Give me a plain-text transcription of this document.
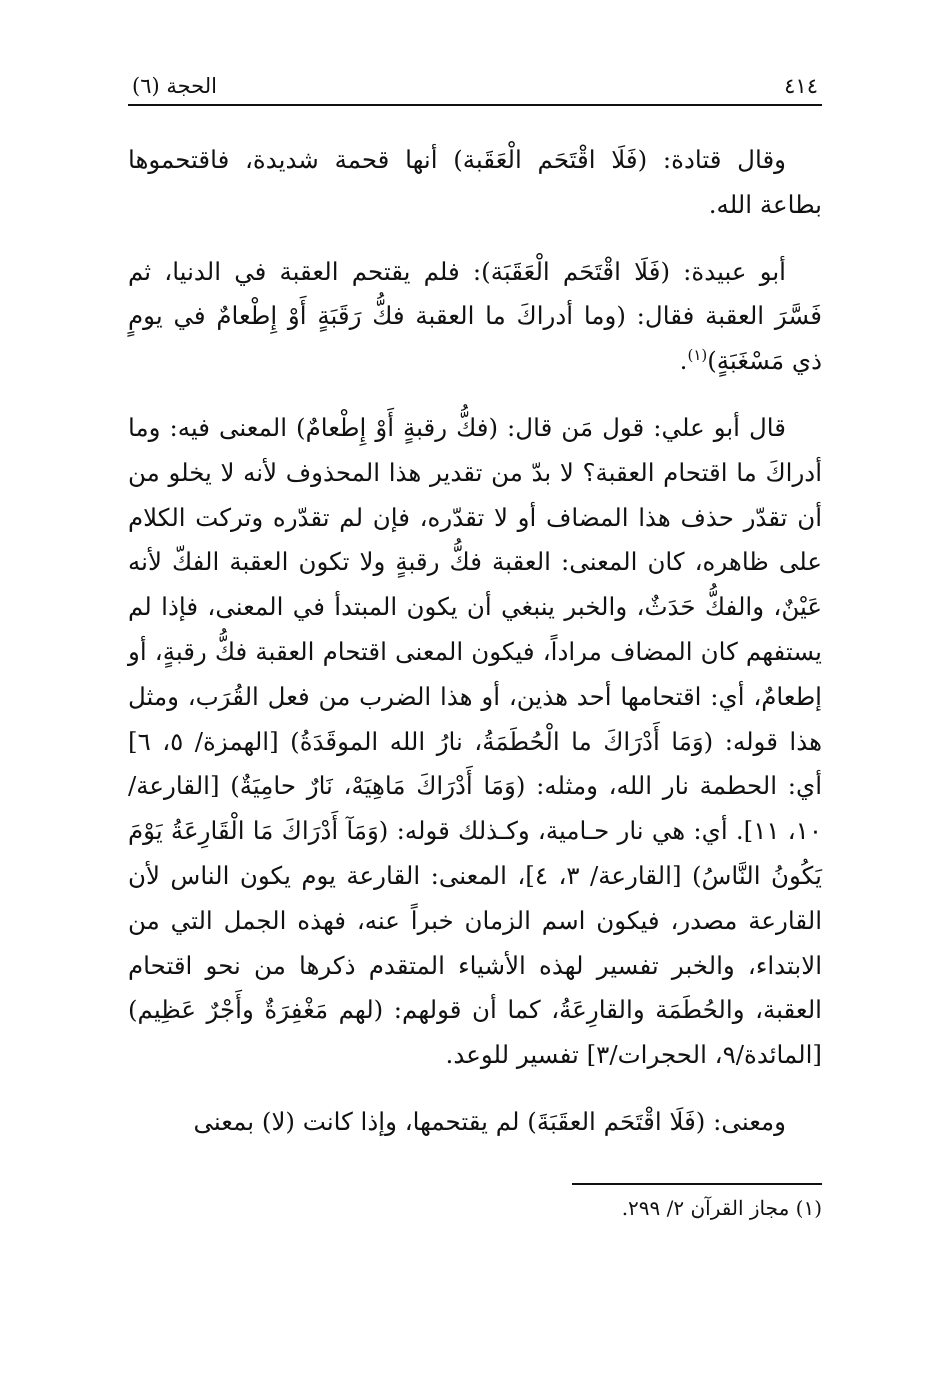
٤١٤
الحجة (٦)

وقال قتادة: (فَلَا اقْتَحَم الْعَقَبة) أنها قحمة شديدة، فاقتحموها بطاعة الله.

أبو عبيدة: (فَلَا اقْتَحَم الْعَقَبَة): فلم يقتحم العقبة في الدنيا، ثم فَسَّرَ العقبة فقال: (وما أدراكَ ما العقبة فكُّ رَقَبَةٍ أَوْ إِطْعامٌ في يومٍ ذي مَسْغَبَةٍ)$^{(١)}$.

قال أبو علي: قول مَن قال: (فكُّ رقبةٍ أَوْ إِطْعامٌ) المعنى فيه: وما أدراكَ ما اقتحام العقبة؟ لا بدّ من تقدير هذا المحذوف لأنه لا يخلو من أن تقدّر حذف هذا المضاف أو لا تقدّره، فإن لم تقدّره وتركت الكلام على ظاهره، كان المعنى: العقبة فكُّ رقبةٍ ولا تكون العقبة الفكّ لأنه عَيْنٌ، والفكُّ حَدَثٌ، والخبر ينبغي أن يكون المبتدأ في المعنى، فإذا لم يستفهم كان المضاف مراداً، فيكون المعنى اقتحام العقبة فكُّ رقبةٍ، أو إطعامٌ، أي: اقتحامها أحد هذين، أو هذا الضرب من فعل القُرَب، ومثل هذا قوله: (وَمَا أَدْرَاكَ ما الْحُطَمَةُ، نارُ الله الموقَدَةُ) [الهمزة/ ٥، ٦] أي: الحطمة نار الله، ومثله: (وَمَا أَدْرَاكَ مَاهِيَهْ، نَارٌ حامِيَةٌ) [القارعة/١٠، ١١]. أي: هي نار حـامية، وكـذلك قوله: (وَمَآ أَدْرَاكَ مَا الْقَارِعَةُ يَوْمَ يَكُونُ النَّاسُ) [القارعة/ ٣، ٤]، المعنى: القارعة يوم يكون الناس لأن القارعة مصدر، فيكون اسم الزمان خبراً عنه، فهذه الجمل التي من الابتداء، والخبر تفسير لهذه الأشياء المتقدم ذكرها من نحو اقتحام العقبة، والحُطَمَة والقارِعَةُ، كما أن قولهم: (لهم مَغْفِرَةٌ وأَجْرٌ عَظِيم) [المائدة/٩، الحجرات/٣] تفسير للوعد.

ومعنى: (فَلَا اقْتَحَم العقَبَةَ) لم يقتحمها، وإذا كانت (لا) بمعنى

(١) مجاز القرآن ٢/ ٢٩٩.
